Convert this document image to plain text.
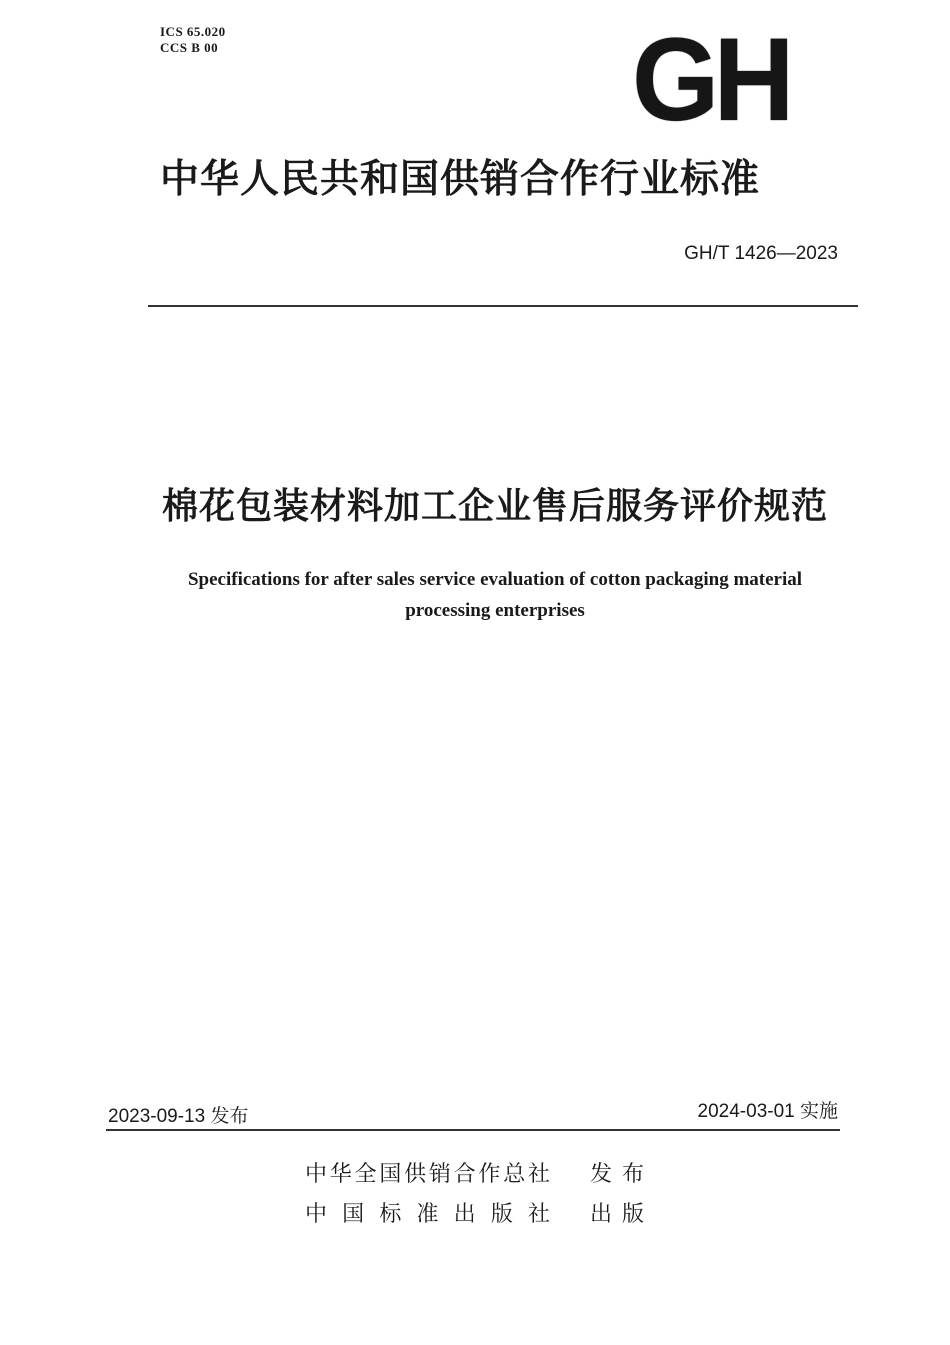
ICS 65.020
CCS B 00	GH
中华人民共和国供销合作行业标准
GH/T 1426—2023
棉花包装材料加工企业售后服务评价规范
Specifications for after sales service evaluation of cotton packaging material
processing enterprises
2023-09-13 发布	2024-03-01 实施
中华全国供销合作总社 发布
中国标准出版社 出版
